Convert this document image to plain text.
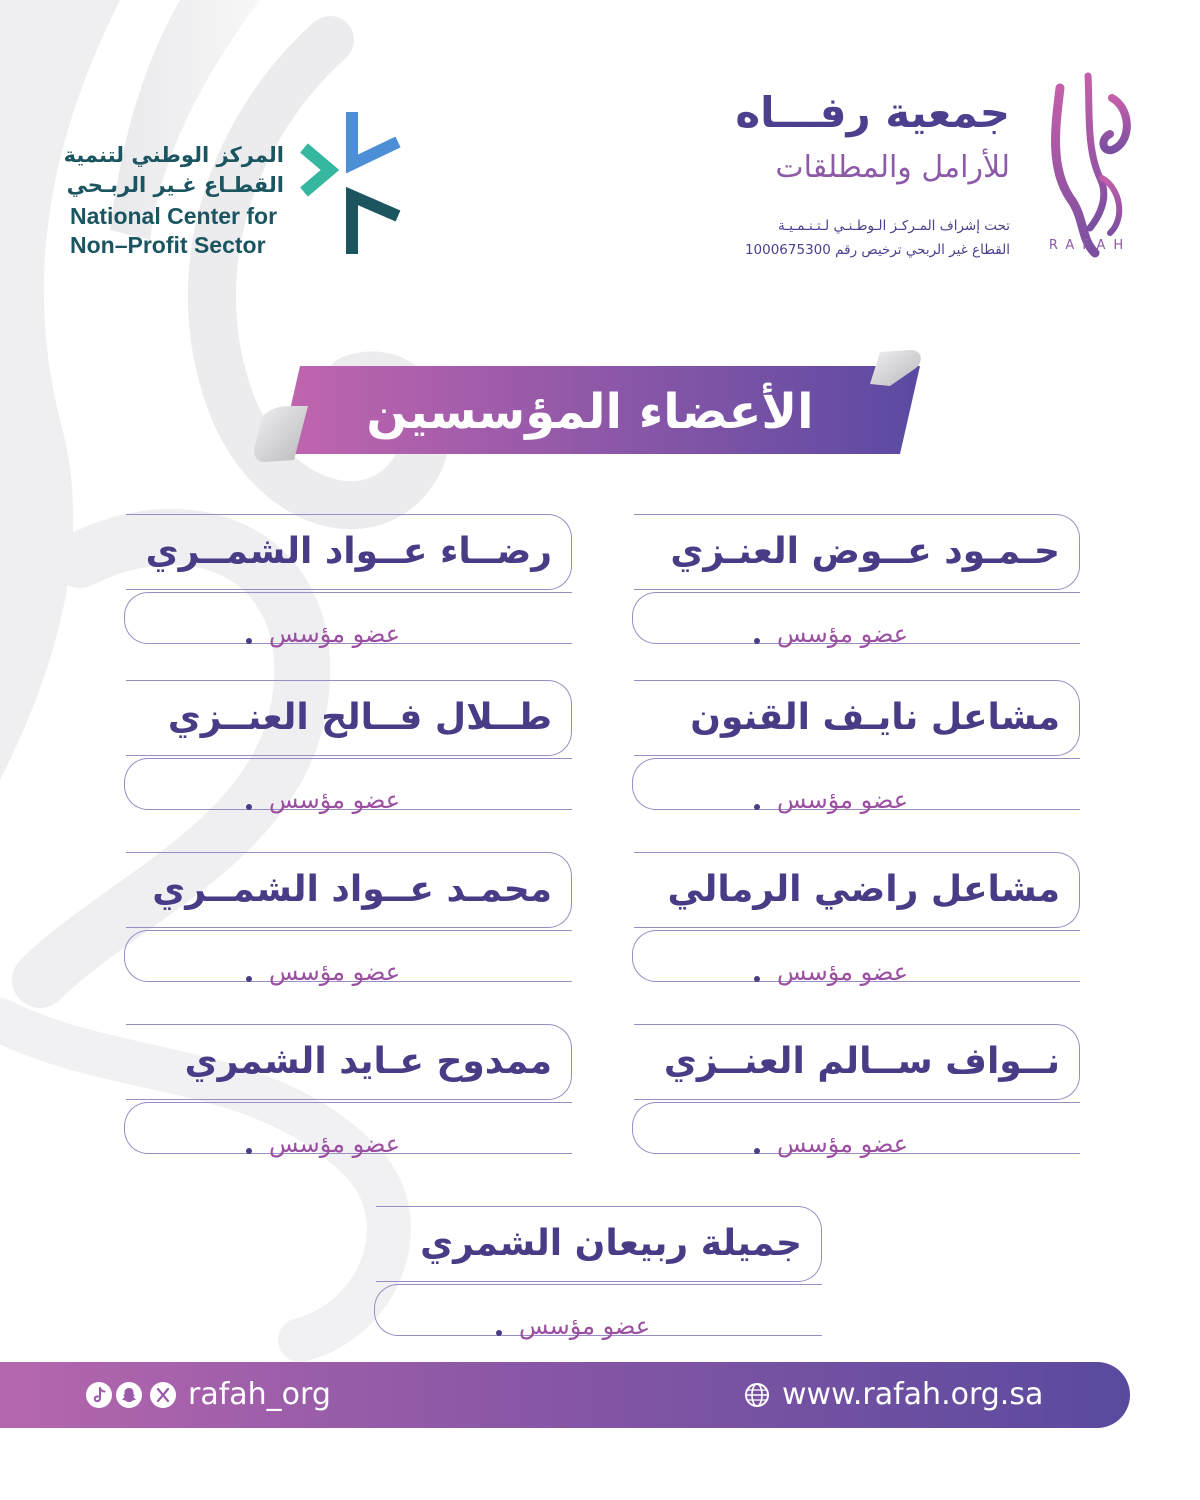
RAFAH
جمعية رفـــاه
للأرامل والمطلقات
تحت إشراف المـركـز الـوطـنـي لـتـنـمـيـة
القطاع غير الربحي ترخيص رقم 1000675300
المركز الوطني لتنمية
القطـاع غـير الربـحي
National Center for
Non–Profit Sector
الأعضاء المؤسسين
حـمـود عــوض العنـزي
عضو مؤسس
رضــاء عــواد الشمــري
عضو مؤسس
مشاعل نايـف القنون
عضو مؤسس
طــلال فــالح العنــزي
عضو مؤسس
مشاعل راضي الرمالي
عضو مؤسس
محمـد عــواد الشمــري
عضو مؤسس
نــواف ســالم العنــزي
عضو مؤسس
ممدوح عـايد الشمري
عضو مؤسس
جميلة ربيعان الشمري
عضو مؤسس
rafah_org	www.rafah.org.sa
